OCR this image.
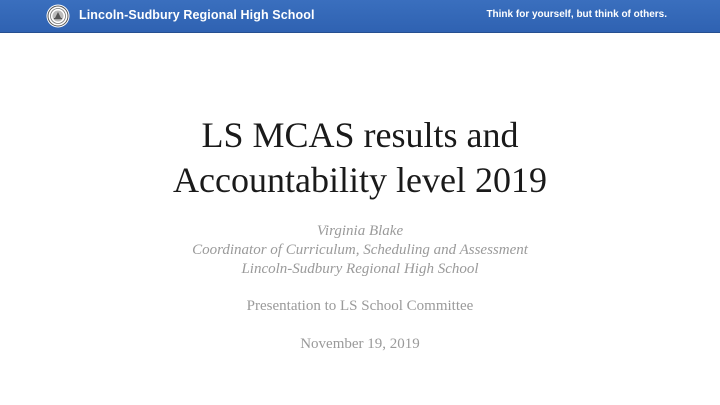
Lincoln-Sudbury Regional High School	Think for yourself, but think of others.
LS MCAS results and
Accountability level 2019
Virginia Blake
Coordinator of Curriculum, Scheduling and Assessment
Lincoln-Sudbury Regional High School
Presentation to LS School Committee
November 19, 2019
